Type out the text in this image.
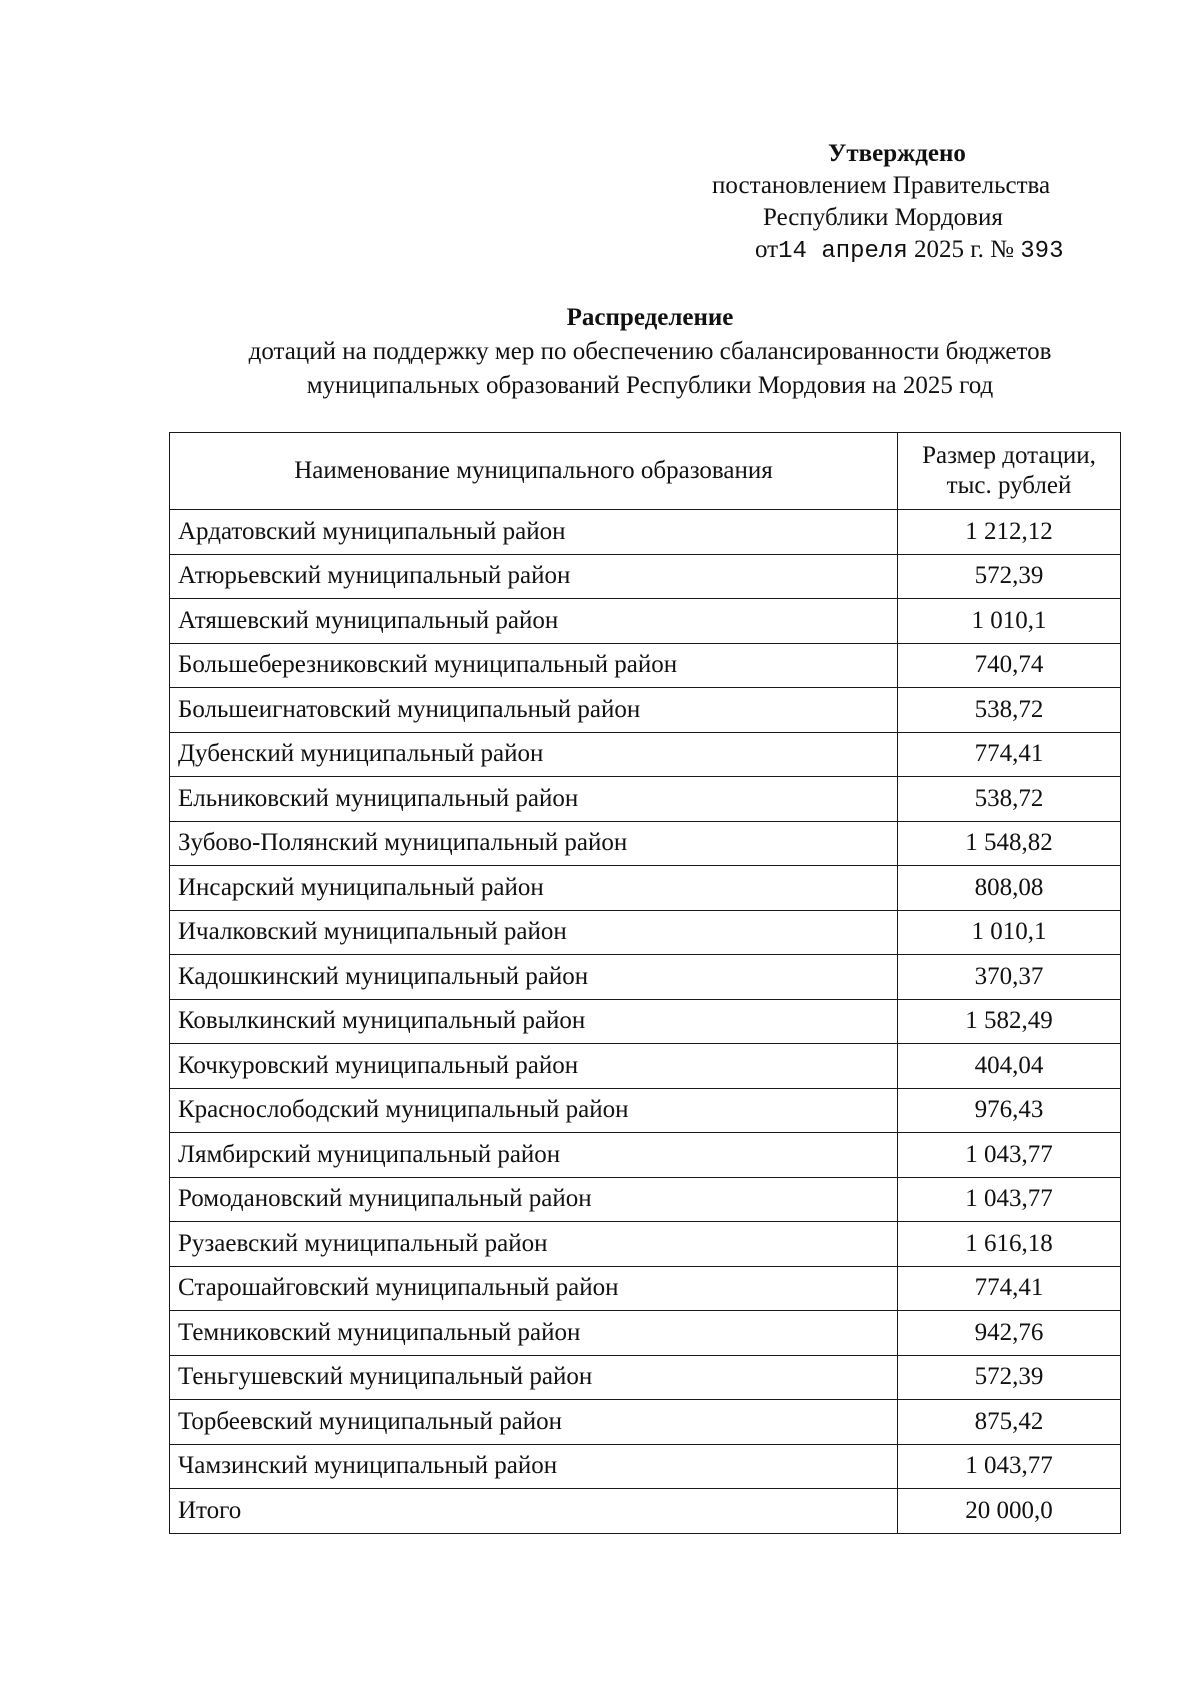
Утверждено
постановлением Правительства
Республики Мордовия
от14 апреля 2025 г. № 393
Распределение
дотаций на поддержку мер по обеспечению сбалансированности бюджетов
муниципальных образований Республики Мордовия на 2025 год
Наименование муниципального образования	Размер дотации,
тыс. рублей
Ардатовский муниципальный район	1 212,12
Атюрьевский муниципальный район	572,39
Атяшевский муниципальный район	1 010,1
Большеберезниковский муниципальный район	740,74
Большеигнатовский муниципальный район	538,72
Дубенский муниципальный район	774,41
Ельниковский муниципальный район	538,72
Зубово-Полянский муниципальный район	1 548,82
Инсарский муниципальный район	808,08
Ичалковский муниципальный район	1 010,1
Кадошкинский муниципальный район	370,37
Ковылкинский муниципальный район	1 582,49
Кочкуровский муниципальный район	404,04
Краснослободский муниципальный район	976,43
Лямбирский муниципальный район	1 043,77
Ромодановский муниципальный район	1 043,77
Рузаевский муниципальный район	1 616,18
Старошайговский муниципальный район	774,41
Темниковский муниципальный район	942,76
Теньгушевский муниципальный район	572,39
Торбеевский муниципальный район	875,42
Чамзинский муниципальный район	1 043,77
Итого	20 000,0
